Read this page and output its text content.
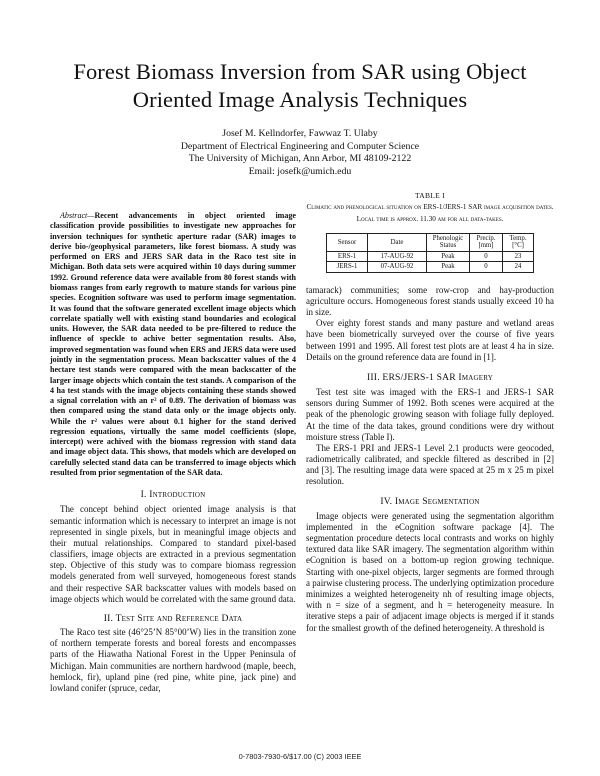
Forest Biomass Inversion from SAR using Object Oriented Image Analysis Techniques
Josef M. Kellndorfer, Fawwaz T. Ulaby
Department of Electrical Engineering and Computer Science
The University of Michigan, Ann Arbor, MI 48109-2122
Email: josefk@umich.edu

Abstract—Recent advancements in object oriented image classification provide possibilities to investigate new approaches for inversion techniques for synthetic aperture radar (SAR) images to derive bio-/geophysical parameters, like forest biomass. A study was performed on ERS and JERS SAR data in the Raco test site in Michigan. Both data sets were acquired within 10 days during summer 1992. Ground reference data were available from 80 forest stands with biomass ranges from early regrowth to mature stands for various pine species. Ecognition software was used to perform image segmentation. It was found that the software generated excellent image objects which correlate spatially well with existing stand boundaries and ecological units. However, the SAR data needed to be pre-filtered to reduce the influence of speckle to achive better segmentation results. Also, improved segmentation was found when ERS and JERS data were used jointly in the segmentation process. Mean backscatter values of the 4 hectare test stands were compared with the mean backscatter of the larger image objects which contain the test stands. A comparison of the 4 ha test stands with the image objects containing these stands showed a signal correlation with an r² of 0.89. The derivation of biomass was then compared using the stand data only or the image objects only. While the r² values were about 0.1 higher for the stand derived regression equations, virtually the same model coefficients (slope, intercept) were achived with the biomass regression with stand data and image object data. This shows, that models which are developed on carefully selected stand data can be transferred to image objects which resulted from prior segmentation of the SAR data.

I. Introduction

The concept behind object oriented image analysis is that semantic information which is necessary to interpret an image is not represented in single pixels, but in meaningful image objects and their mutual relationships. Compared to standard pixel-based classifiers, image objects are extracted in a previous segmentation step. Objective of this study was to compare biomass regression models generated from well surveyed, homogeneous forest stands and their respective SAR backscatter values with models based on image objects which would be correlated with the same ground data.

II. Test Site and Reference Data

The Raco test site (46°25’N 85°00’W) lies in the transition zone of northern temperate forests and boreal forests and encompasses parts of the Hiawatha National Forest in the Upper Peninsula of Michigan. Main communities are northern hardwood (maple, beech, hemlock, fir), upland pine (red pine, white pine, jack pine) and lowland conifer (spruce, cedar,

TABLE I

Climatic and phenological situation on ERS-1/JERS-1 SAR image acquisition dates. Local time is approx. 11.30 am for all data-takes.

Sensor	Date	Phenologic Status	Precip. [mm]	Temp. [°C]
ERS-1	17-AUG-92	Peak	0	23
JERS-1	07-AUG-92	Peak	0	24

tamarack) communities; some row-crop and hay-production agriculture occurs. Homogeneous forest stands usually exceed 10 ha in size.

Over eighty forest stands and many pasture and wetland areas have been biometrically surveyed over the course of five years between 1991 and 1995. All forest test plots are at least 4 ha in size. Details on the ground reference data are found in [1].

III. ERS/JERS-1 SAR Imagery

Test test site was imaged with the ERS-1 and JERS-1 SAR sensors during Summer of 1992. Both scenes were acquired at the peak of the phenologic growing season with foliage fully deployed. At the time of the data takes, ground conditions were dry without moisture stress (Table I).

The ERS-1 PRI and JERS-1 Level 2.1 products were geocoded, radiometrically calibrated, and speckle filtered as described in [2] and [3]. The resulting image data were spaced at 25 m x 25 m pixel resolution.

IV. Image Segmentation

Image objects were generated using the segmentation algorithm implemented in the eCognition software package [4]. The segmentation procedure detects local contrasts and works on highly textured data like SAR imagery. The segmentation algorithm within eCognition is based on a bottom-up region growing technique. Starting with one-pixel objects, larger segments are formed through a pairwise clustering process. The underlying optimization procedure minimizes a weighted heterogeneity nh of resulting image objects, with n = size of a segment, and h = heterogeneity measure. In iterative steps a pair of adjacent image objects is merged if it stands for the smallest growth of the defined heterogeneity. A threshold is

0-7803-7930-6/$17.00 (C) 2003 IEEE
